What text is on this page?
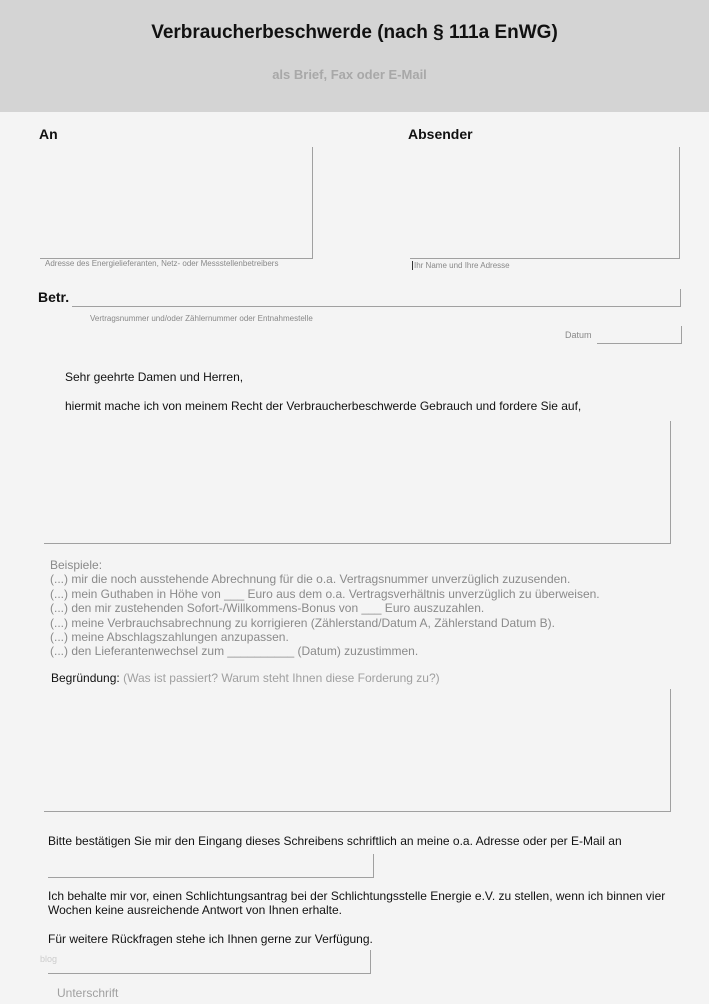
Verbraucherbeschwerde (nach § 111a EnWG)
als Brief, Fax oder E-Mail
An
Adresse des Energielieferanten, Netz- oder Messstellenbetreibers
Absender
Ihr Name und Ihre Adresse
Betr.
Vertragsnummer und/oder Zählernummer oder Entnahmestelle
Datum
Sehr geehrte Damen und Herren,
hiermit mache ich von meinem Recht der Verbraucherbeschwerde Gebrauch und fordere Sie auf,
Beispiele:
(...) mir die noch ausstehende Abrechnung für die o.a. Vertragsnummer unverzüglich zuzusenden.
(...) mein Guthaben in Höhe von ___ Euro aus dem o.a. Vertragsverhältnis unverzüglich zu überweisen.
(...) den mir zustehenden Sofort-/Willkommens-Bonus von ___ Euro auszuzahlen.
(...) meine Verbrauchsabrechnung zu korrigieren (Zählerstand/Datum A, Zählerstand Datum B).
(...) meine Abschlagszahlungen anzupassen.
(...) den Lieferantenwechsel zum __________ (Datum) zuzustimmen.
Begründung: (Was ist passiert? Warum steht Ihnen diese Forderung zu?)
Bitte bestätigen Sie mir den Eingang dieses Schreibens schriftlich an meine o.a. Adresse oder per E-Mail an
Ich behalte mir vor, einen Schlichtungsantrag bei der Schlichtungsstelle Energie e.V. zu stellen, wenn ich binnen vier Wochen keine ausreichende Antwort von Ihnen erhalte.
Für weitere Rückfragen stehe ich Ihnen gerne zur Verfügung.
blog
Unterschrift
